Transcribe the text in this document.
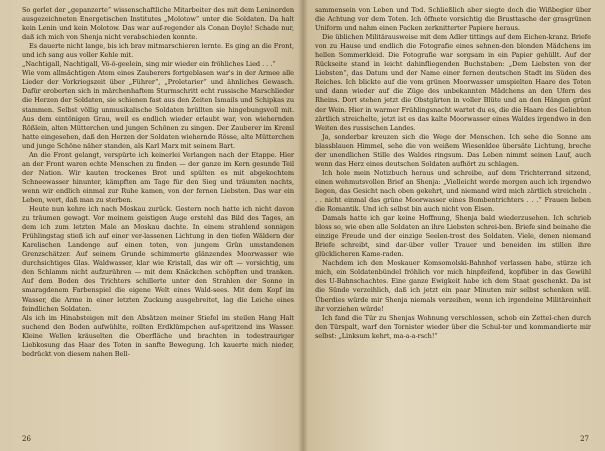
So gerlet der „gepanzerte“ wissenschaftliche Mitarbeiter des mit dem Leninorden ausgezeichneten Energetischen Institutes „Molotow“ unter die Soldaten. Da halt kein Lenin und kein Molotow. Das war auf-regender als Conan Doyle! Schade nur, daß ich mich von Shenja nicht verabschieden konnte.

Es dauerte nicht lange, bis ich brav mitmarschieren lernte. Es ging an die Front, und ich sang aus voller Kehle mit.

„Nachtigall, Nachtigall, Vö-ö-geelein, sing mir wieder ein fröhliches Lied . . .“

Wie vom allmächtigen Atem eines Zauberers fortgeblasen war's in der Armee alle Lieder der Vorkriegszeit über „Führer“, „Proletarier“ und ähnliches Gewasch. Dafür eroberten sich in märchenhaftem Sturmschritt echt russische Marschlieder die Herzen der Soldaten, sie schienen fast aus den Zeiten Ismails und Schipkas zu stammen. Selbst völlig unmusikalische Soldaten brüllten sie hingebungsvoll mit. Aus dem eintönigen Grau, weil es endlich wieder erlaubt war, von wiehernden Rößlein, alten Mütterchen und jungen Schönen zu singen. Der Zauberer im Kreml hatte eingesehen, daß den Herzen der Soldaten wiehernde Rösse, alte Mütterchen und junge Schöne näher standen, als Karl Marx mit seinem Bart.

An die Front gelangt, verspürte ich keinerlei Verlangen nach der Etappe. Hier an der Front waren echte Menschen zu finden — der ganze im Kern gesunde Teil der Nation. Wir kauten trockenes Brot und spülten es mit abgekochtem Schneewasser hinunter, kämpften am Tage für den Sieg und träumten nachts, wenn wir endlich einmal zur Ruhe kamen, von der fernen Liebsten. Das war ein Leben, wert, daß man zu sterben.

Heute nun kehre ich nach Moskau zurück. Gestern noch hatte ich nicht davon zu träumen gewagt. Vor meinem geistigen Auge erstehl das Bild des Tages, an dem ich zum letzten Male an Moskau dachte. In einem strahlend sonnigen Frühlingstag stieß ich auf einer ver-lassenen Lichtung in den tiefen Wäldern der Karelischen Landenge auf einen toten, von jungem Grün umstandenen Grenzschätzer. Auf seinem Grunde schimmerte glänzendes Moorwasser wie durchsichtiges Glas. Waldwasser, klar wie Kristall, das wir oft — vorsichtig, um den Schlamm nicht aufzurühren — mit dem Knäckchen schöpften und tranken. Auf dem Boden des Trichters schillerte unter den Strahlen der Sonne in smaragdenem Farbenspiel die eigene Welt eines Wald-sees. Mit dem Kopf im Wasser, die Arme in einer letzten Zuckung ausgebreitet, lag die Leiche eines feindlichen Soldaten.

Als ich im Hinabsteigen mit den Absätzen meiner Stiefel im steilen Hang Halt suchend den Boden aufwühlte, rollten Erdklümpchen auf-spritzend ins Wasser. Kleine Wellen kräuselten die Oberfläche und brachten in todestrauriger Liebkosung das Haar des Toten in sanfte Bewegung. Ich kauerte mich nieder, bedrückt von diesem nahen Bell-

26

sammensein von Leben und Tod. Schließlich aber siegte doch die Wißbegier über die Achtung vor dem Toten. Ich öffnete vorsichtig die Brusttasche der grasgrünen Uniform und nahm einen Packen zerknitterter Papiere heraus.

Die üblichen Militärausweise mit dem Adler tittings auf dem Eichen-kranz. Briefe von zu Hause und endlich die Fotografie eines sehnen-den blonden Mädchens im hellen Sommerkleid. Die Fotografie war sorgsam in ein Papier gehüllt. Auf der Rückseite stand in leicht dahinfliegenden Buchstaben: „Dem Liebsten von der Liebsten“, das Datum und der Name einer fernen deutschen Stadt im Süden des Reiches. Ich blickte auf die vom grünen Moorwasser umspielten Haare des Toten und dann wieder auf die Züge des unbekannten Mädchens an den Ufern des Rheins. Dort stehen jetzt die Obstgärten in voller Blüte und an den Hängen grünt der Wein. Hier in warmer Frühlingsnacht wartet du es, die die Haare des Geliebten zärtlich streichelte, jetzt ist es das kalte Moorwasser eines Waldes irgendwo in den Weiten des russischen Landes.

Ja, sonderbar kreuzen sich die Wege der Menschen. Ich sehe die Sonne am blassblauen Himmel, sehe die von weißem Wiesenklee übersäte Lichtung, breche der unendlichen Stille des Waldes ringsum. Das Leben nimmt seinen Lauf, auch wenn das Herz eines deutschen Soldaten aufhört zu schlagen.

Ich hole mein Notizbuch heraus und schreibe, auf dem Trichterrand sitzend, einen wehmutsvollen Brief an Shenja: „Vielleicht werde morgen auch ich irgendwo liegen, das Gesicht nach oben gekehrt, und niemand wird mich zärtlich streicheln . . . nicht einmal das grüne Moorwasser eines Bombentrichters . . .“ Frauen lieben die Romantik. Und ich selbst bin auch nicht von Eisen.

Damals hatte ich gar keine Hoffnung, Shenja bald wiederzusehen. Ich schrieb bloss so, wie eben alle Soldaten an ihre Liebsten schrei-ben. Briefe sind beinahe die einzige Freude und der einzige Seelen-trost des Soldaten. Viele, denen niemand Briefe schreibt, sind dar-über voller Trauer und beneiden im stillen ihre glücklicheren Kame-raden.

Nachdem ich den Moskauer Komsomolski-Bahnhof verlassen habe, stürze ich mich, ein Soldatenbündel fröhlich vor mich hinpfeifend, kopfüber in das Gewühl des U-Bahnschachtes. Eine ganze Ewigkeit habe ich dem Staat geschenkt. Da ist die Sünde verzeihlich, daß ich jetzt ein paar Minuten mir selbst schenken will. Überdies würde mir Shenja niemals verzeihen, wenn ich irgendeine Militäreinheit ihr vorziehen würde!

Ich fand die Tür zu Shenjas Wohnung verschlossen, schob ein Zettel-chen durch den Türspalt, warf den Tornister wieder über die Schul-ter und kommandierte mir selbst: „Linksum kehrt, ma-a-a-rsch!“

27
